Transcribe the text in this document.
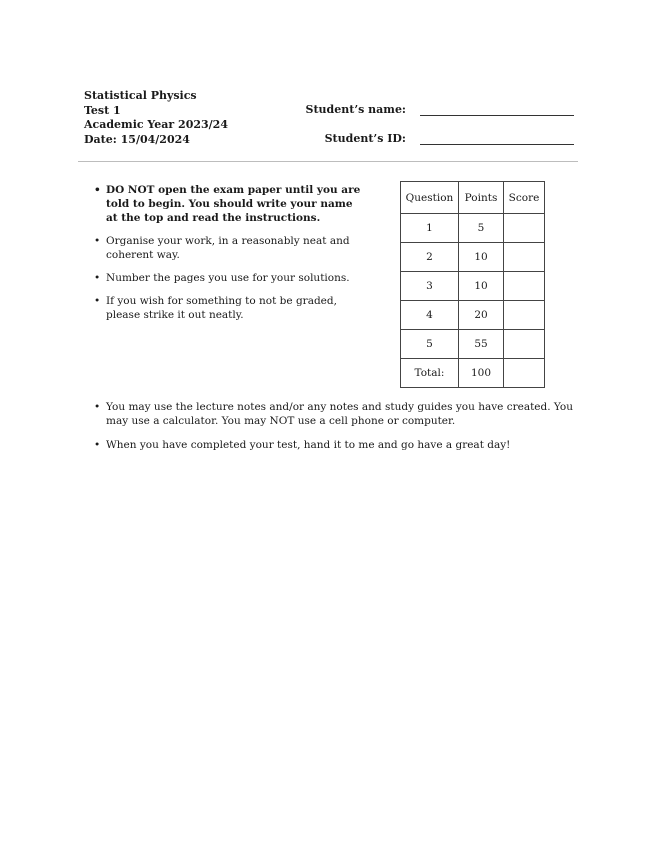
Statistical Physics
Test 1
Academic Year 2023/24
Date: 15/04/2024
Student’s name:
Student’s ID:
• DO NOT open the exam paper until you are told to begin. You should write your name at the top and read the instructions.
• Organise your work, in a reasonably neat and coherent way.
• Number the pages you use for your solutions.
• If you wish for something to not be graded, please strike it out neatly.
Question	Points	Score
1	5	
2	10	
3	10	
4	20	
5	55	
Total:	100	
• You may use the lecture notes and/or any notes and study guides you have created. You may use a calculator. You may NOT use a cell phone or computer.
• When you have completed your test, hand it to me and go have a great day!
